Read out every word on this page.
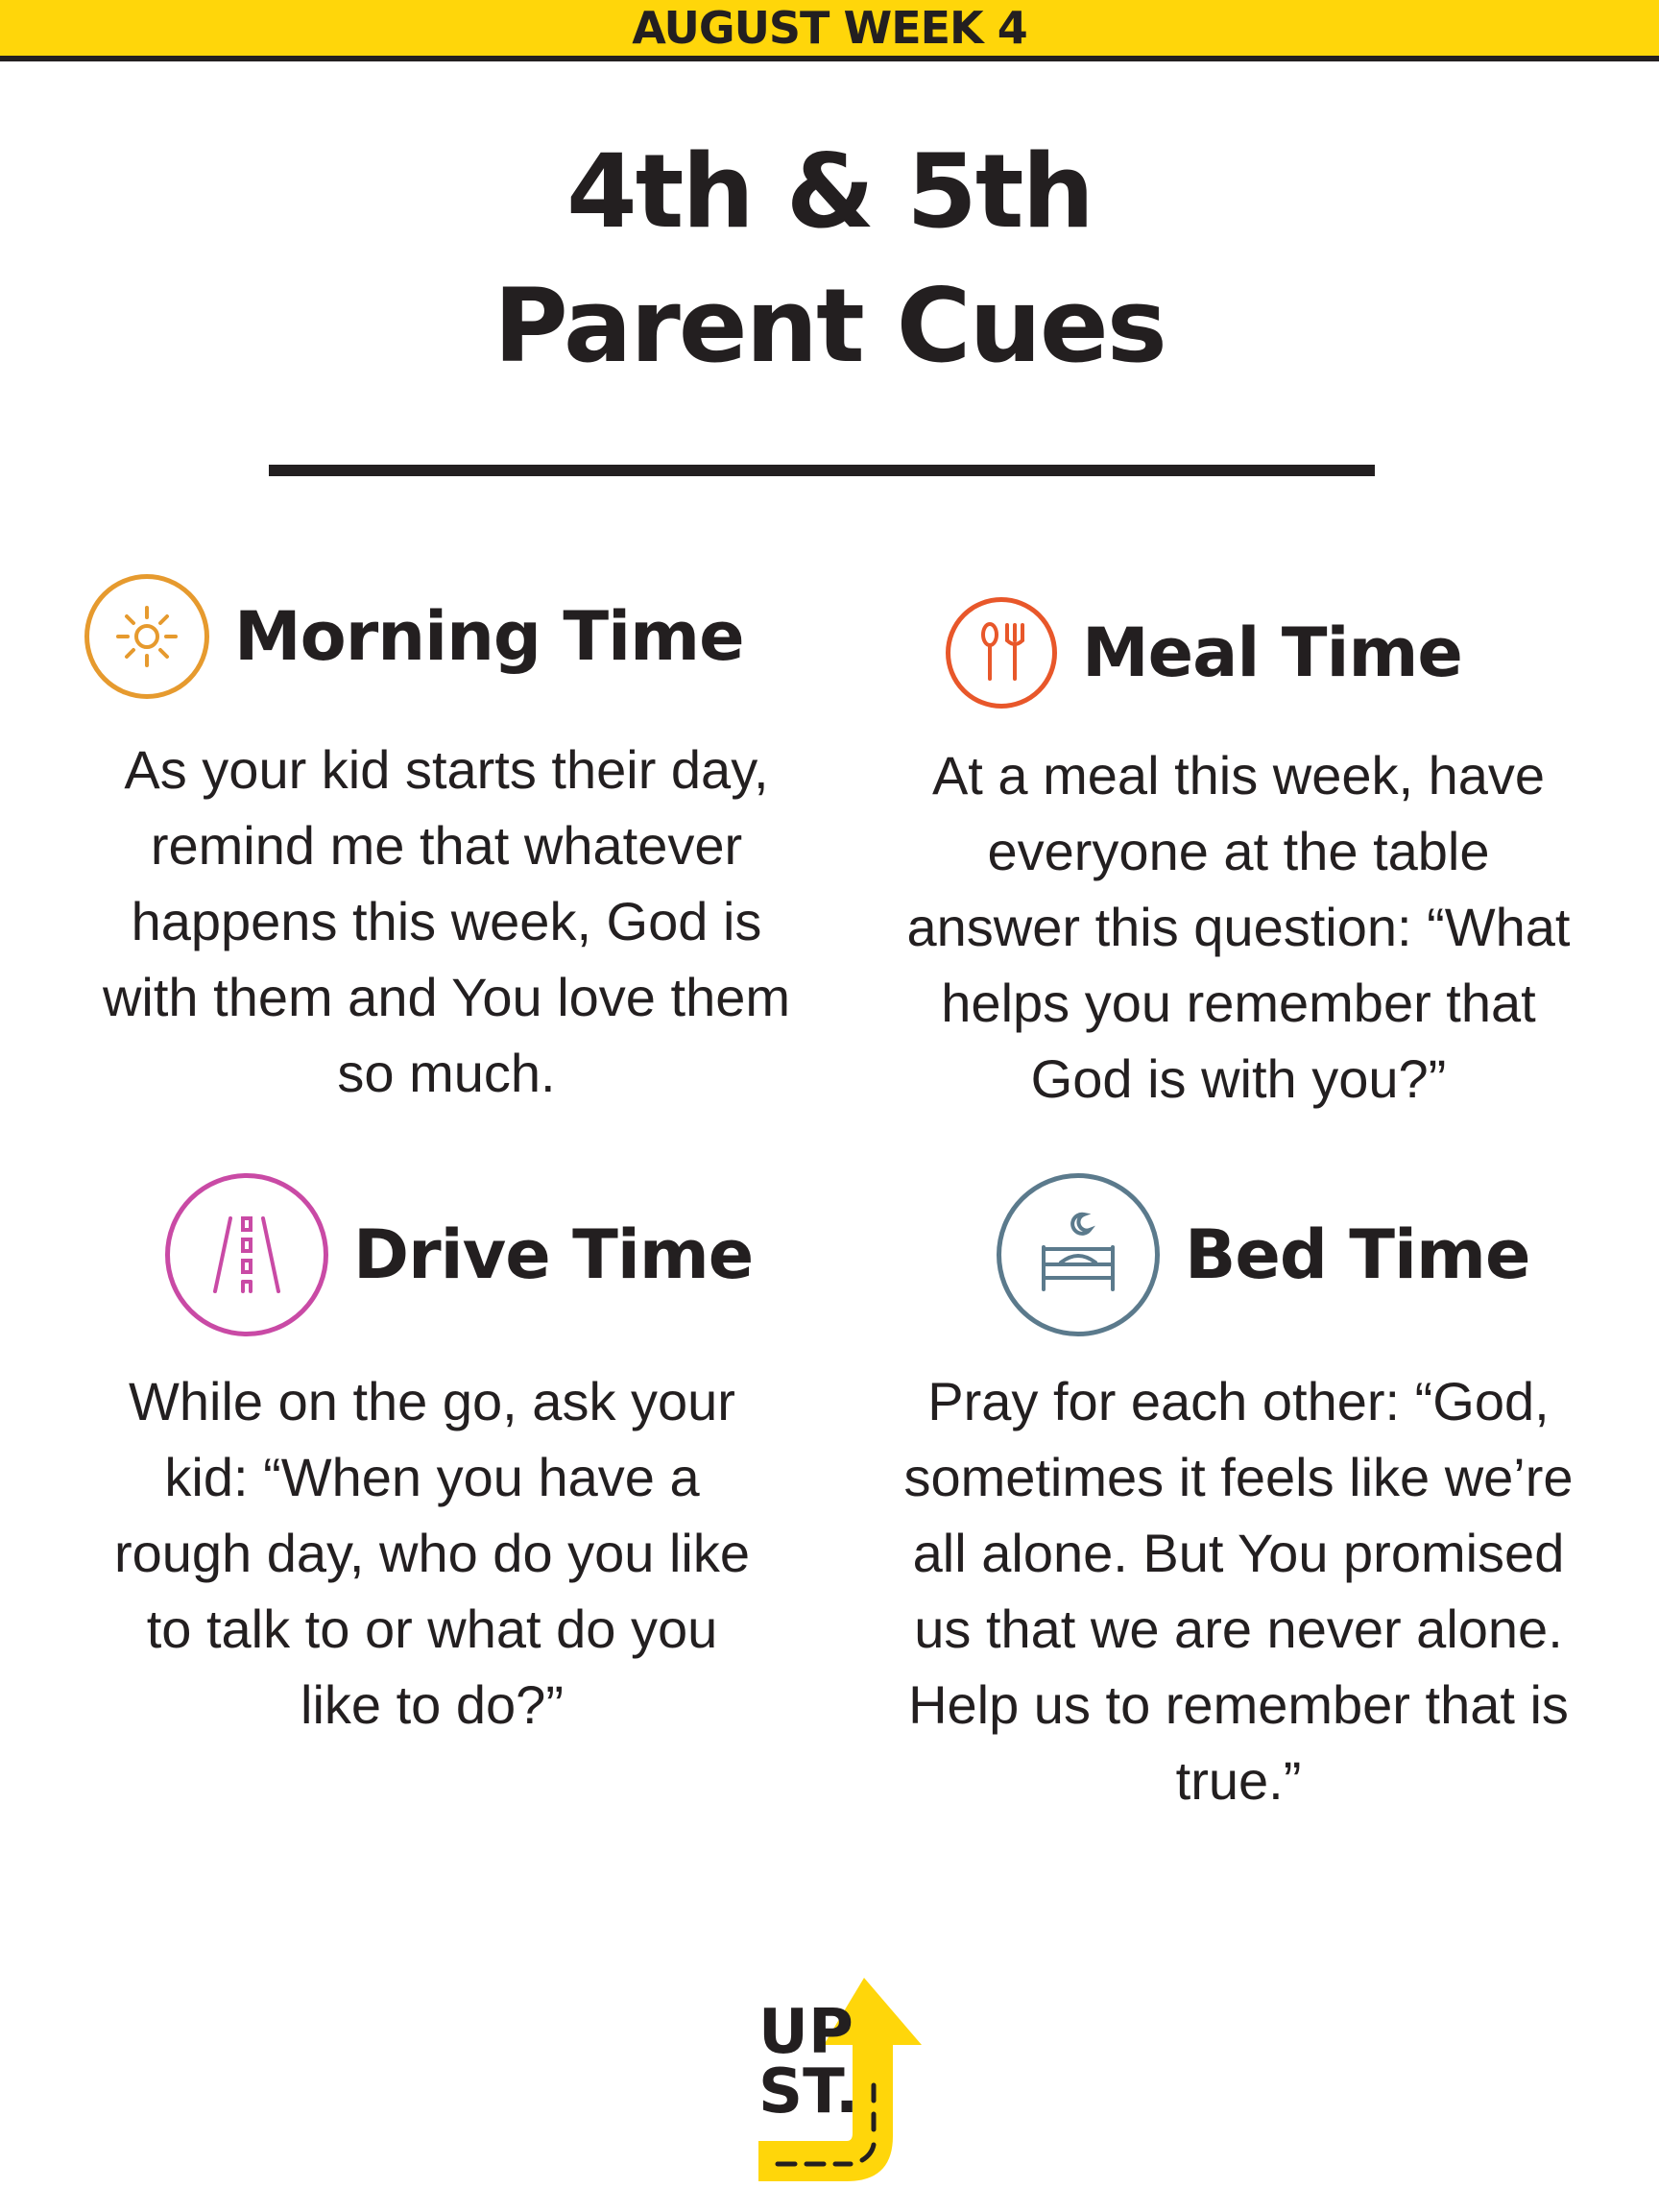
AUGUST WEEK 4
4th & 5th
Parent Cues
Morning Time
As your kid starts their day,
remind me that whatever
happens this week, God is
with them and You love them
so much.
Meal Time
At a meal this week, have
everyone at the table
answer this question: “What
helps you remember that
God is with you?”
Drive Time
While on the go, ask your
kid: “When you have a
rough day, who do you like
to talk to or what do you
like to do?”
Bed Time
Pray for each other: “God,
sometimes it feels like we’re
all alone. But You promised
us that we are never alone.
Help us to remember that is
true.”
UP
ST.
